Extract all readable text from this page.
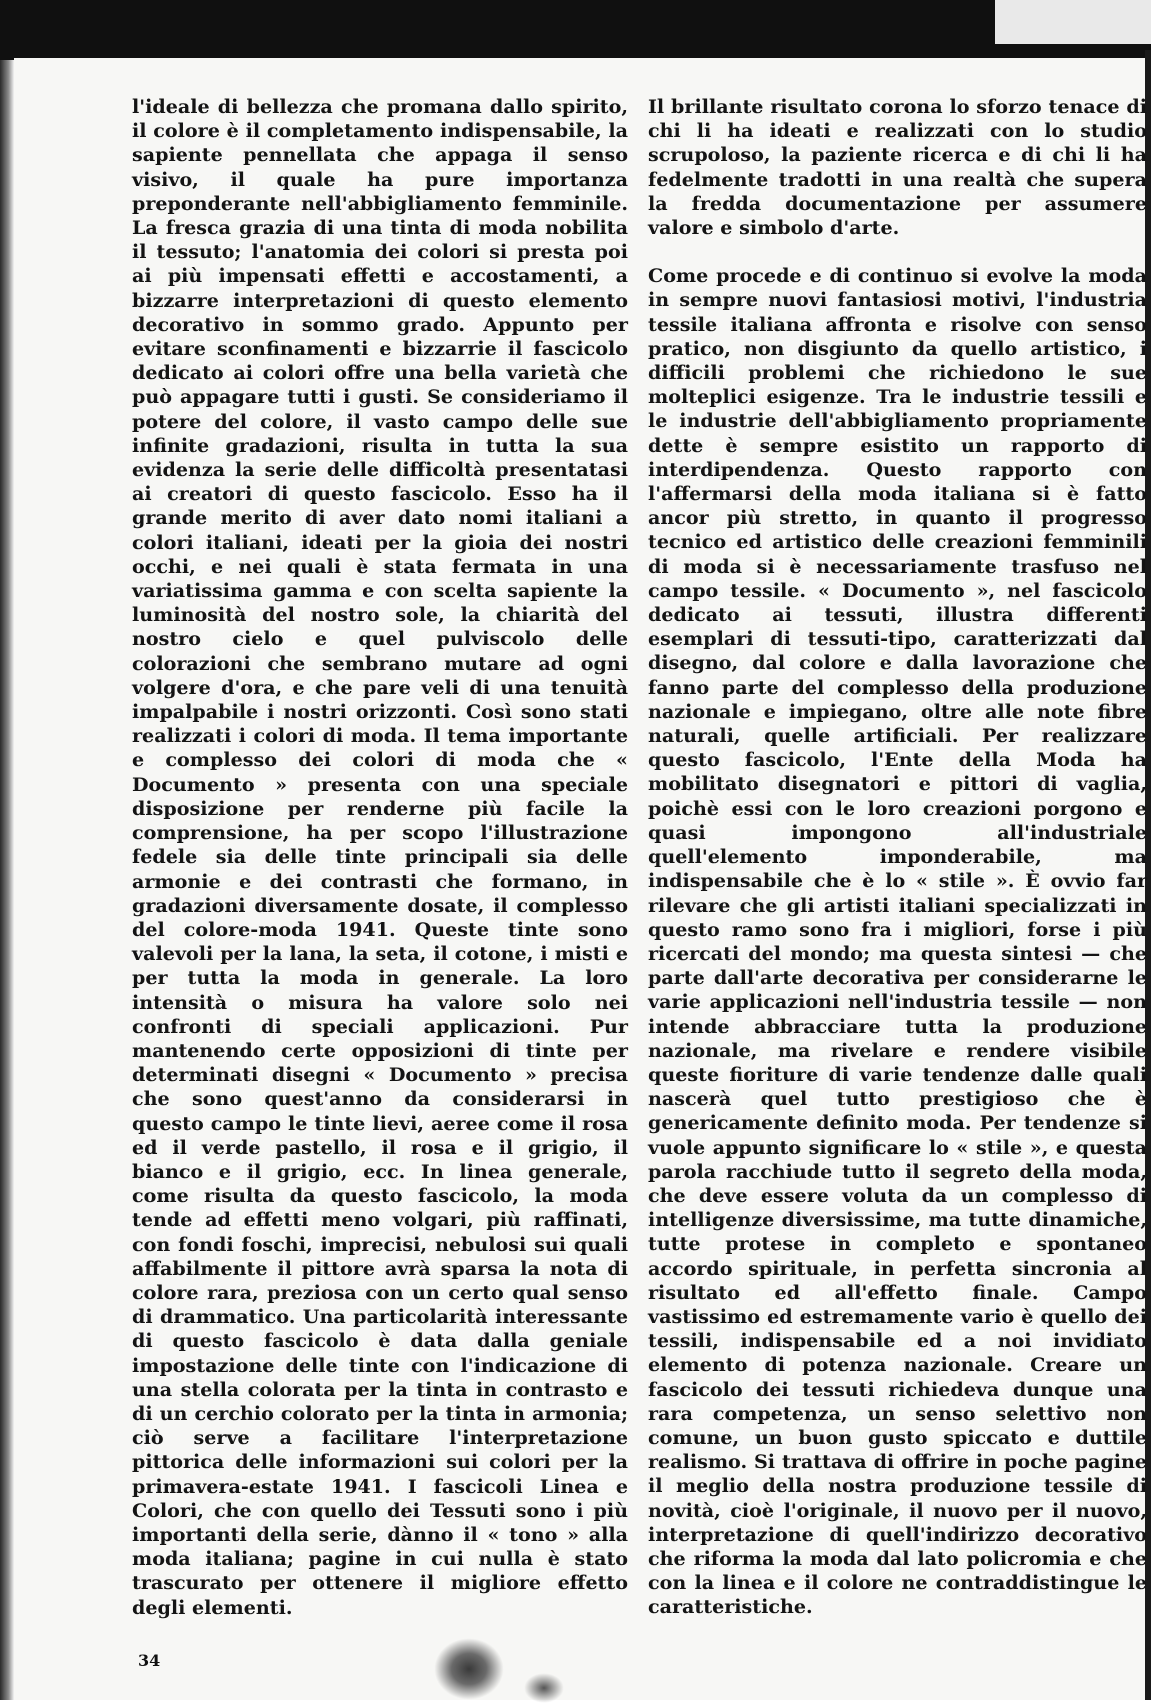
l'ideale di bellezza che promana dallo spirito, il colore è il completamento indispensabile, la sapiente pennellata che appaga il senso visivo, il quale ha pure importanza preponderante nell'abbigliamento femminile. La fresca grazia di una tinta di moda nobilita il tessuto; l'anatomia dei colori si presta poi ai più impensati effetti e accostamenti, a bizzarre interpretazioni di questo elemento decorativo in sommo grado. Appunto per evitare sconfinamenti e bizzarrie il fascicolo dedicato ai colori offre una bella varietà che può appagare tutti i gusti. Se consideriamo il potere del colore, il vasto campo delle sue infinite gradazioni, risulta in tutta la sua evidenza la serie delle difficoltà presentatasi ai creatori di questo fascicolo. Esso ha il grande merito di aver dato nomi italiani a colori italiani, ideati per la gioia dei nostri occhi, e nei quali è stata fermata in una variatissima gamma e con scelta sapiente la luminosità del nostro sole, la chiarità del nostro cielo e quel pulviscolo delle colorazioni che sembrano mutare ad ogni volgere d'ora, e che pare veli di una tenuità impalpabile i nostri orizzonti. Così sono stati realizzati i colori di moda. Il tema importante e complesso dei colori di moda che « Documento » presenta con una speciale disposizione per renderne più facile la comprensione, ha per scopo l'illustrazione fedele sia delle tinte principali sia delle armonie e dei contrasti che formano, in gradazioni diversamente dosate, il complesso del colore-moda 1941. Queste tinte sono valevoli per la lana, la seta, il cotone, i misti e per tutta la moda in generale. La loro intensità o misura ha valore solo nei confronti di speciali applicazioni. Pur mantenendo certe opposizioni di tinte per determinati disegni « Documento » precisa che sono quest'anno da considerarsi in questo campo le tinte lievi, aeree come il rosa ed il verde pastello, il rosa e il grigio, il bianco e il grigio, ecc. In linea generale, come risulta da questo fascicolo, la moda tende ad effetti meno volgari, più raffinati, con fondi foschi, imprecisi, nebulosi sui quali affabilmente il pittore avrà sparsa la nota di colore rara, preziosa con un certo qual senso di drammatico. Una particolarità interessante di questo fascicolo è data dalla geniale impostazione delle tinte con l'indicazione di una stella colorata per la tinta in contrasto e di un cerchio colorato per la tinta in armonia; ciò serve a facilitare l'interpretazione pittorica delle informazioni sui colori per la primavera-estate 1941. I fascicoli Linea e Colori, che con quello dei Tessuti sono i più importanti della serie, dànno il « tono » alla moda italiana; pagine in cui nulla è stato trascurato per ottenere il migliore effetto degli elementi.

Il brillante risultato corona lo sforzo tenace di chi li ha ideati e realizzati con lo studio scrupoloso, la paziente ricerca e di chi li ha fedelmente tradotti in una realtà che supera la fredda documentazione per assumere valore e simbolo d'arte.

Come procede e di continuo si evolve la moda in sempre nuovi fantasiosi motivi, l'industria tessile italiana affronta e risolve con senso pratico, non disgiunto da quello artistico, i difficili problemi che richiedono le sue molteplici esigenze. Tra le industrie tessili e le industrie dell'abbigliamento propriamente dette è sempre esistito un rapporto di interdipendenza. Questo rapporto con l'affermarsi della moda italiana si è fatto ancor più stretto, in quanto il progresso tecnico ed artistico delle creazioni femminili di moda si è necessariamente trasfuso nel campo tessile. « Documento », nel fascicolo dedicato ai tessuti, illustra differenti esemplari di tessuti-tipo, caratterizzati dal disegno, dal colore e dalla lavorazione che fanno parte del complesso della produzione nazionale e impiegano, oltre alle note fibre naturali, quelle artificiali. Per realizzare questo fascicolo, l'Ente della Moda ha mobilitato disegnatori e pittori di vaglia, poichè essi con le loro creazioni porgono e quasi impongono all'industriale quell'elemento imponderabile, ma indispensabile che è lo « stile ». È ovvio far rilevare che gli artisti italiani specializzati in questo ramo sono fra i migliori, forse i più ricercati del mondo; ma questa sintesi — che parte dall'arte decorativa per considerarne le varie applicazioni nell'industria tessile — non intende abbracciare tutta la produzione nazionale, ma rivelare e rendere visibile queste fioriture di varie tendenze dalle quali nascerà quel tutto prestigioso che è genericamente definito moda. Per tendenze si vuole appunto significare lo « stile », e questa parola racchiude tutto il segreto della moda, che deve essere voluta da un complesso di intelligenze diversissime, ma tutte dinamiche, tutte protese in completo e spontaneo accordo spirituale, in perfetta sincronia al risultato ed all'effetto finale. Campo vastissimo ed estremamente vario è quello dei tessili, indispensabile ed a noi invidiato elemento di potenza nazionale. Creare un fascicolo dei tessuti richiedeva dunque una rara competenza, un senso selettivo non comune, un buon gusto spiccato e duttile realismo. Si trattava di offrire in poche pagine il meglio della nostra produzione tessile di novità, cioè l'originale, il nuovo per il nuovo, interpretazione di quell'indirizzo decorativo che riforma la moda dal lato policromia e che con la linea e il colore ne contraddistingue le caratteristiche.

34
